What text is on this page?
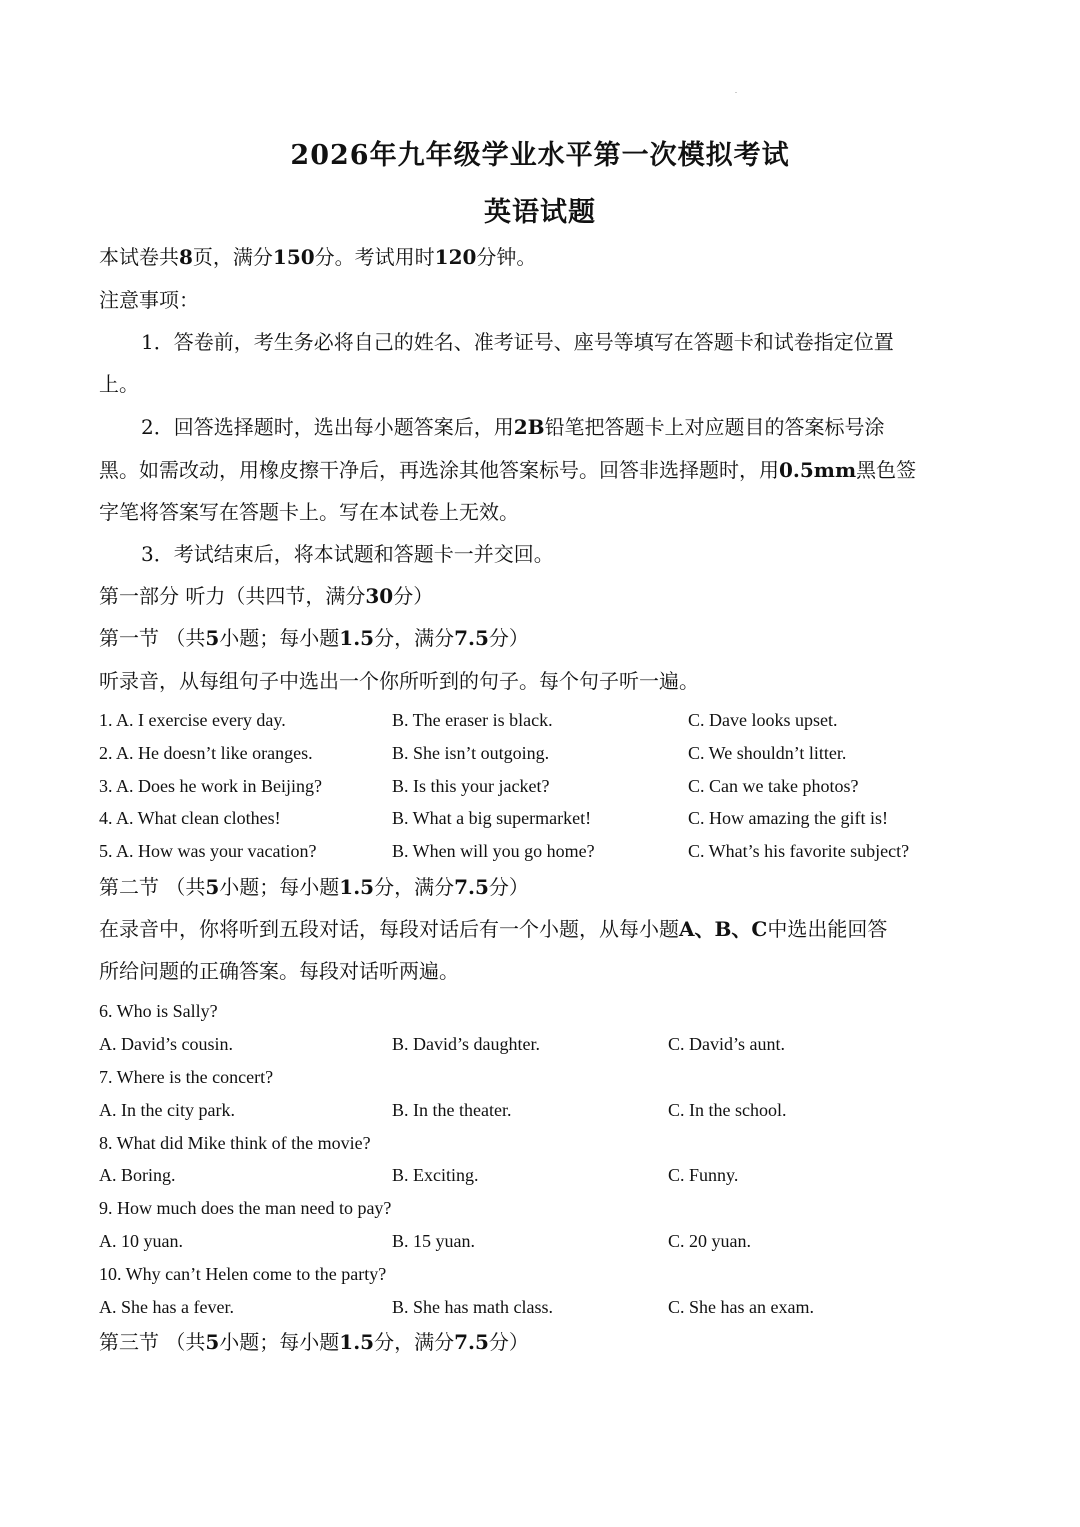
2026年九年级学业水平第一次模拟考试
英语试题
本试卷共8页，满分150分。考试用时120分钟。
注意事项：
1．答卷前，考生务必将自己的姓名、准考证号、座号等填写在答题卡和试卷指定位置
上。
2．回答选择题时，选出每小题答案后，用2B铅笔把答题卡上对应题目的答案标号涂
黑。如需改动，用橡皮擦干净后，再选涂其他答案标号。回答非选择题时，用0.5mm黑色签
字笔将答案写在答题卡上。写在本试卷上无效。
3．考试结束后，将本试题和答题卡一并交回。
第一部分 听力（共四节，满分30分）
第一节 （共5小题；每小题1.5分，满分7.5分）
听录音，从每组句子中选出一个你所听到的句子。每个句子听一遍。
1. A. I exercise every day.	B. The eraser is black.	C. Dave looks upset.
2. A. He doesn’t like oranges.	B. She isn’t outgoing.	C. We shouldn’t litter.
3. A. Does he work in Beijing?	B. Is this your jacket?	C. Can we take photos?
4. A. What clean clothes!	B. What a big supermarket!	C. How amazing the gift is!
5. A. How was your vacation?	B. When will you go home?	C. What’s his favorite subject?
第二节 （共5小题；每小题1.5分，满分7.5分）
在录音中，你将听到五段对话，每段对话后有一个小题，从每小题A、B、C中选出能回答
所给问题的正确答案。每段对话听两遍。
6. Who is Sally?
A. David’s cousin.	B. David’s daughter.	C. David’s aunt.
7. Where is the concert?
A. In the city park.	B. In the theater.	C. In the school.
8. What did Mike think of the movie?
A. Boring.	B. Exciting.	C. Funny.
9. How much does the man need to pay?
A. 10 yuan.	B. 15 yuan.	C. 20 yuan.
10. Why can’t Helen come to the party?
A. She has a fever.	B. She has math class.	C. She has an exam.
第三节 （共5小题；每小题1.5分，满分7.5分）
